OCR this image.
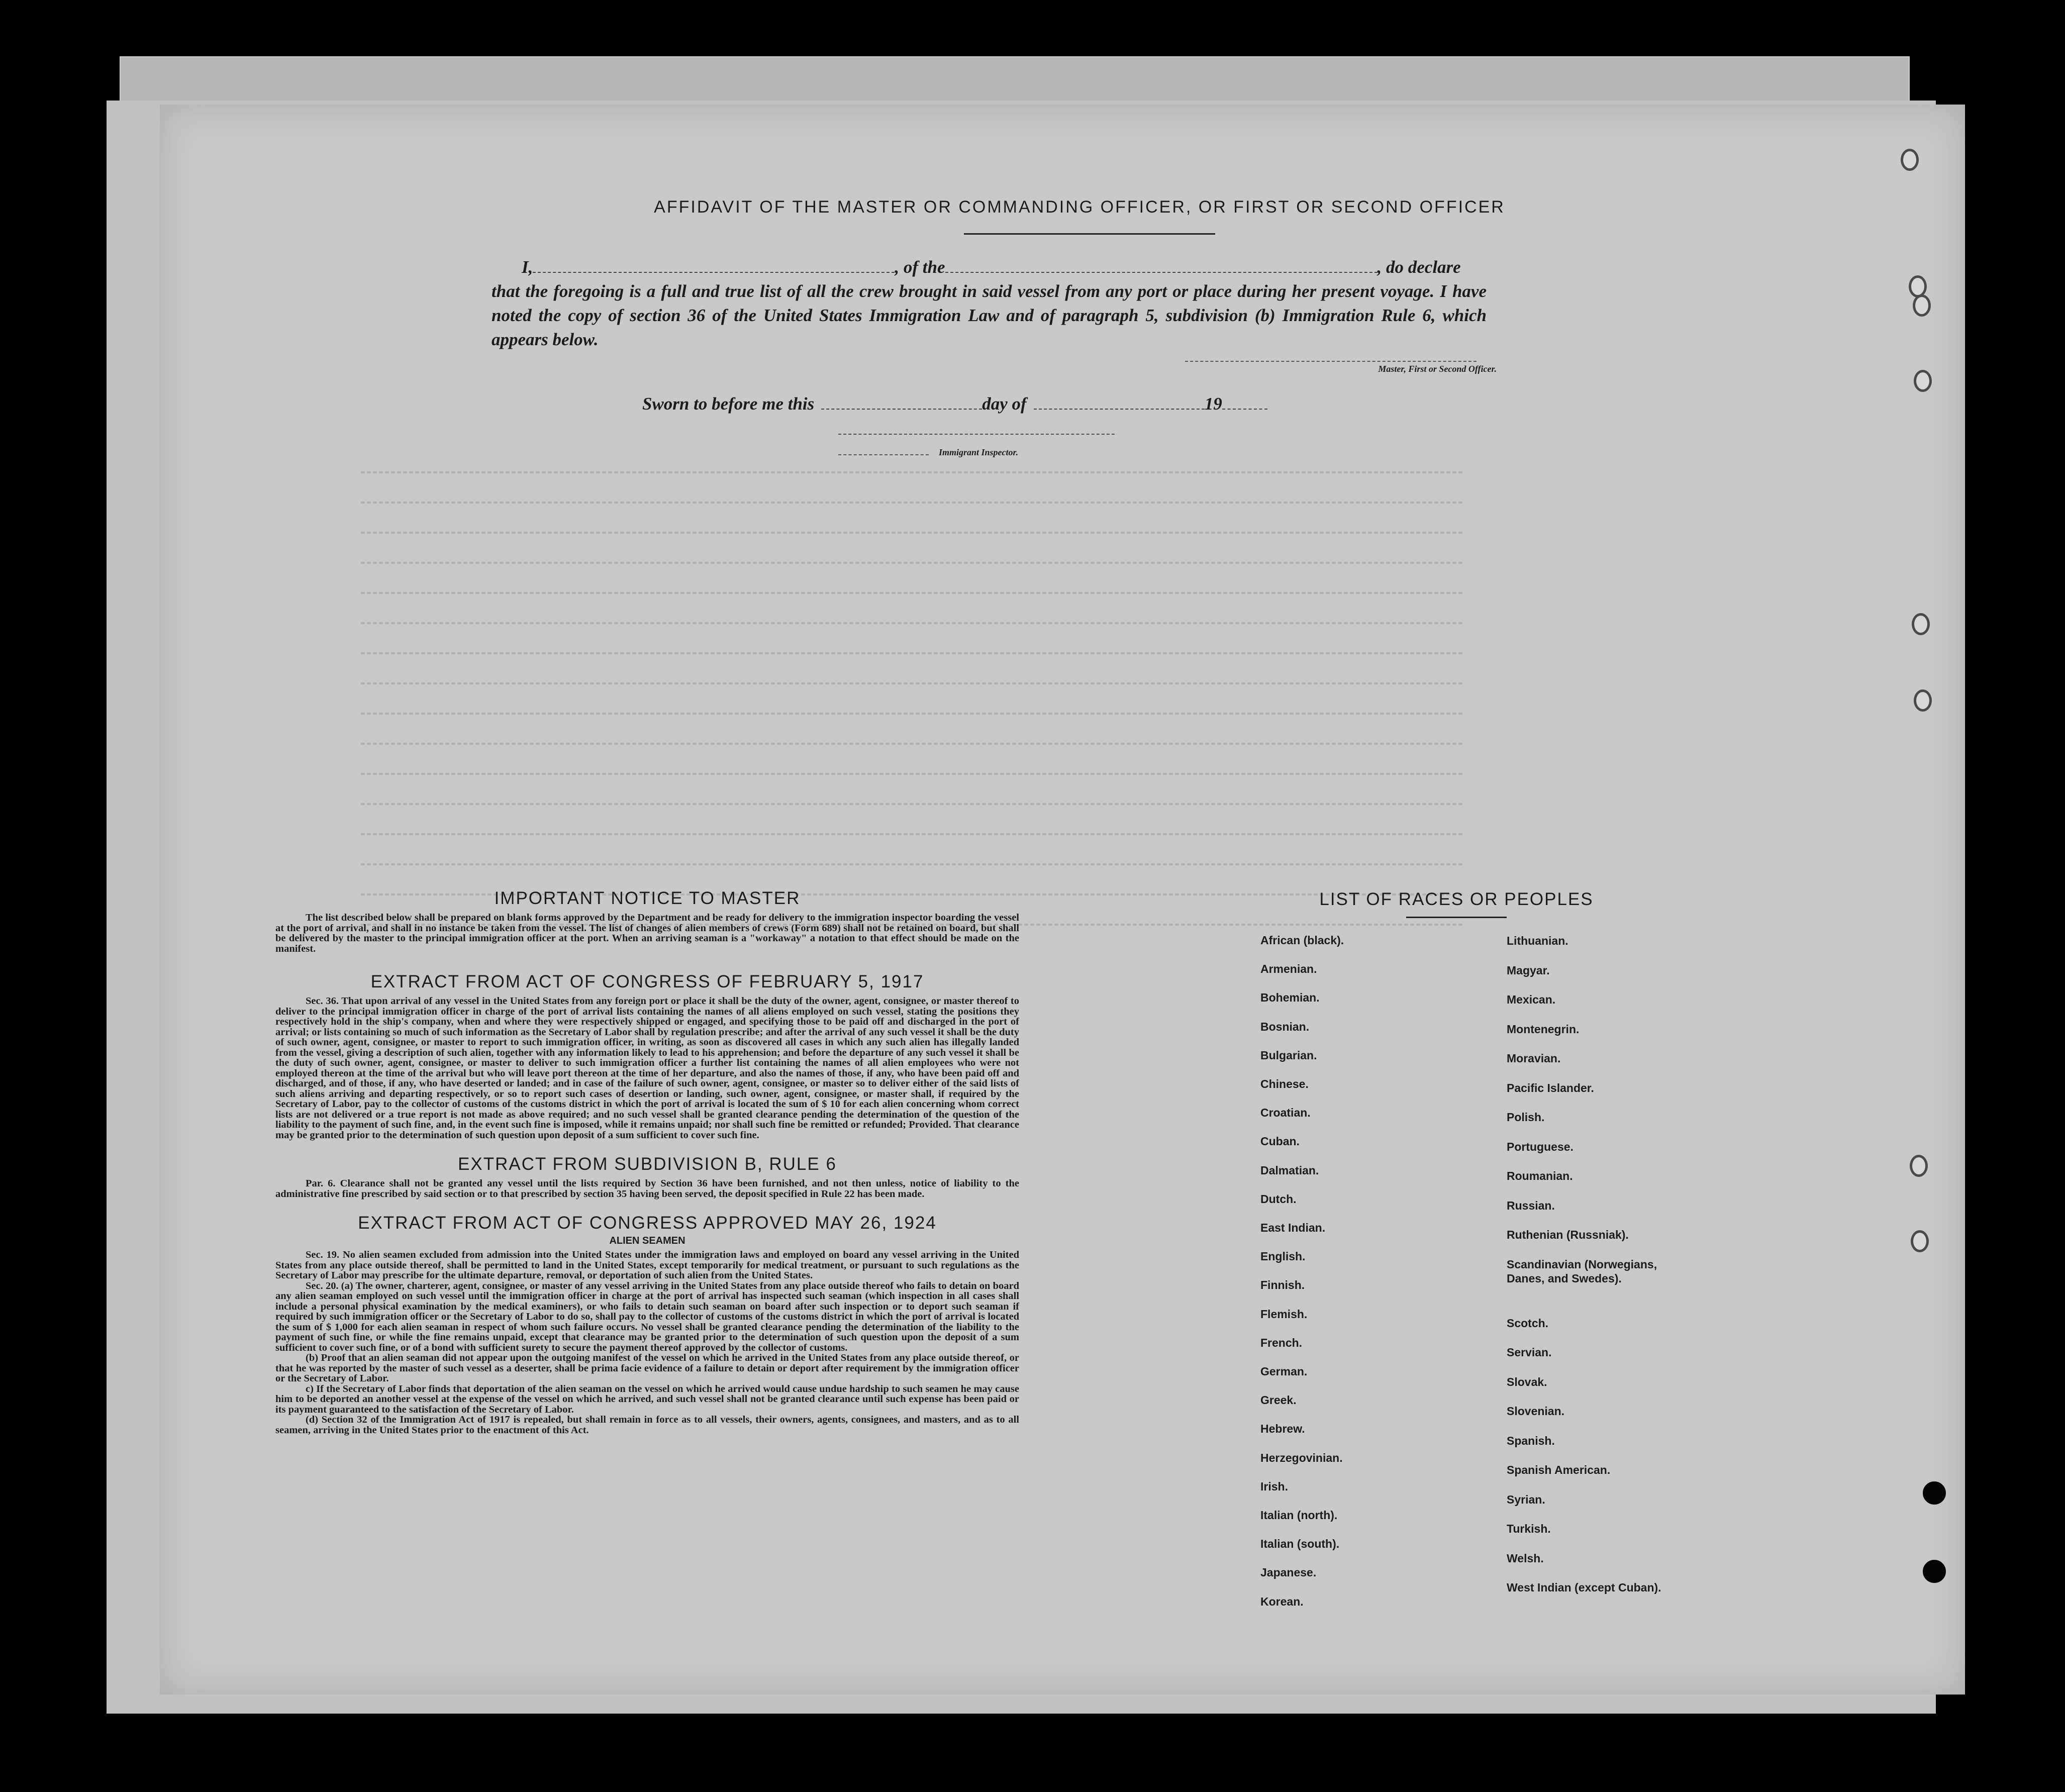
AFFIDAVIT OF THE MASTER OR COMMANDING OFFICER, OR FIRST OR SECOND OFFICER
I,	, of the	, do declare
that the foregoing is a full and true list of all the crew brought in said vessel from any port or place during her present voyage. I have noted the copy of section 36 of the United States Immigration Law and of paragraph 5, subdivision (b) Immigration Rule 6, which appears below.
Master, First or Second Officer.
Sworn to before me this	day of	19
Immigrant Inspector.
IMPORTANT NOTICE TO MASTER

The list described below shall be prepared on blank forms approved by the Department and be ready for delivery to the immigration inspector boarding the vessel at the port of arrival, and shall in no instance be taken from the vessel. The list of changes of alien members of crews (Form 689) shall not be retained on board, but shall be delivered by the master to the principal immigration officer at the port. When an arriving seaman is a "workaway" a notation to that effect should be made on the manifest.

EXTRACT FROM ACT OF CONGRESS OF FEBRUARY 5, 1917

Sec. 36. That upon arrival of any vessel in the United States from any foreign port or place it shall be the duty of the owner, agent, consignee, or master thereof to deliver to the principal immigration officer in charge of the port of arrival lists containing the names of all aliens employed on such vessel, stating the positions they respectively hold in the ship's company, when and where they were respectively shipped or engaged, and specifying those to be paid off and discharged in the port of arrival; or lists containing so much of such information as the Secretary of Labor shall by regulation prescribe; and after the arrival of any such vessel it shall be the duty of such owner, agent, consignee, or master to report to such immigration officer, in writing, as soon as discovered all cases in which any such alien has illegally landed from the vessel, giving a description of such alien, together with any information likely to lead to his apprehension; and before the departure of any such vessel it shall be the duty of such owner, agent, consignee, or master to deliver to such immigration officer a further list containing the names of all alien employees who were not employed thereon at the time of the arrival but who will leave port thereon at the time of her departure, and also the names of those, if any, who have been paid off and discharged, and of those, if any, who have deserted or landed; and in case of the failure of such owner, agent, consignee, or master so to deliver either of the said lists of such aliens arriving and departing respectively, or so to report such cases of desertion or landing, such owner, agent, consignee, or master shall, if required by the Secretary of Labor, pay to the collector of customs of the customs district in which the port of arrival is located the sum of $ 10 for each alien concerning whom correct lists are not delivered or a true report is not made as above required; and no such vessel shall be granted clearance pending the determination of the question of the liability to the payment of such fine, and, in the event such fine is imposed, while it remains unpaid; nor shall such fine be remitted or refunded; Provided. That clearance may be granted prior to the determination of such question upon deposit of a sum sufficient to cover such fine.

EXTRACT FROM SUBDIVISION B, RULE 6

Par. 6. Clearance shall not be granted any vessel until the lists required by Section 36 have been furnished, and not then unless, notice of liability to the administrative fine prescribed by said section or to that prescribed by section 35 having been served, the deposit specified in Rule 22 has been made.

EXTRACT FROM ACT OF CONGRESS APPROVED MAY 26, 1924
ALIEN SEAMEN

Sec. 19. No alien seamen excluded from admission into the United States under the immigration laws and employed on board any vessel arriving in the United States from any place outside thereof, shall be permitted to land in the United States, except temporarily for medical treatment, or pursuant to such regulations as the Secretary of Labor may prescribe for the ultimate departure, removal, or deportation of such alien from the United States.

Sec. 20. (a) The owner, charterer, agent, consignee, or master of any vessel arriving in the United States from any place outside thereof who fails to detain on board any alien seaman employed on such vessel until the immigration officer in charge at the port of arrival has inspected such seaman (which inspection in all cases shall include a personal physical examination by the medical examiners), or who fails to detain such seaman on board after such inspection or to deport such seaman if required by such immigration officer or the Secretary of Labor to do so, shall pay to the collector of customs of the customs district in which the port of arrival is located the sum of $ 1,000 for each alien seaman in respect of whom such failure occurs. No vessel shall be granted clearance pending the determination of the liability to the payment of such fine, or while the fine remains unpaid, except that clearance may be granted prior to the determination of such question upon the deposit of a sum sufficient to cover such fine, or of a bond with sufficient surety to secure the payment thereof approved by the collector of customs.

(b) Proof that an alien seaman did not appear upon the outgoing manifest of the vessel on which he arrived in the United States from any place outside thereof, or that he was reported by the master of such vessel as a deserter, shall be prima facie evidence of a failure to detain or deport after requirement by the immigration officer or the Secretary of Labor.

c) If the Secretary of Labor finds that deportation of the alien seaman on the vessel on which he arrived would cause undue hardship to such seamen he may cause him to be deported an another vessel at the expense of the vessel on which he arrived, and such vessel shall not be granted clearance until such expense has been paid or its payment guaranteed to the satisfaction of the Secretary of Labor.

(d) Section 32 of the Immigration Act of 1917 is repealed, but shall remain in force as to all vessels, their owners, agents, consignees, and masters, and as to all seamen, arriving in the United States prior to the enactment of this Act.

LIST OF RACES OR PEOPLES
African (black).
Armenian.
Bohemian.
Bosnian.
Bulgarian.
Chinese.
Croatian.
Cuban.
Dalmatian.
Dutch.
East Indian.
English.
Finnish.
Flemish.
French.
German.
Greek.
Hebrew.
Herzegovinian.
Irish.
Italian (north).
Italian (south).
Japanese.
Korean.
Lithuanian.
Magyar.
Mexican.
Montenegrin.
Moravian.
Pacific Islander.
Polish.
Portuguese.
Roumanian.
Russian.
Ruthenian (Russniak).
Scandinavian (Norwegians, Danes, and Swedes).
Scotch.
Servian.
Slovak.
Slovenian.
Spanish.
Spanish American.
Syrian.
Turkish.
Welsh.
West Indian (except Cuban).
